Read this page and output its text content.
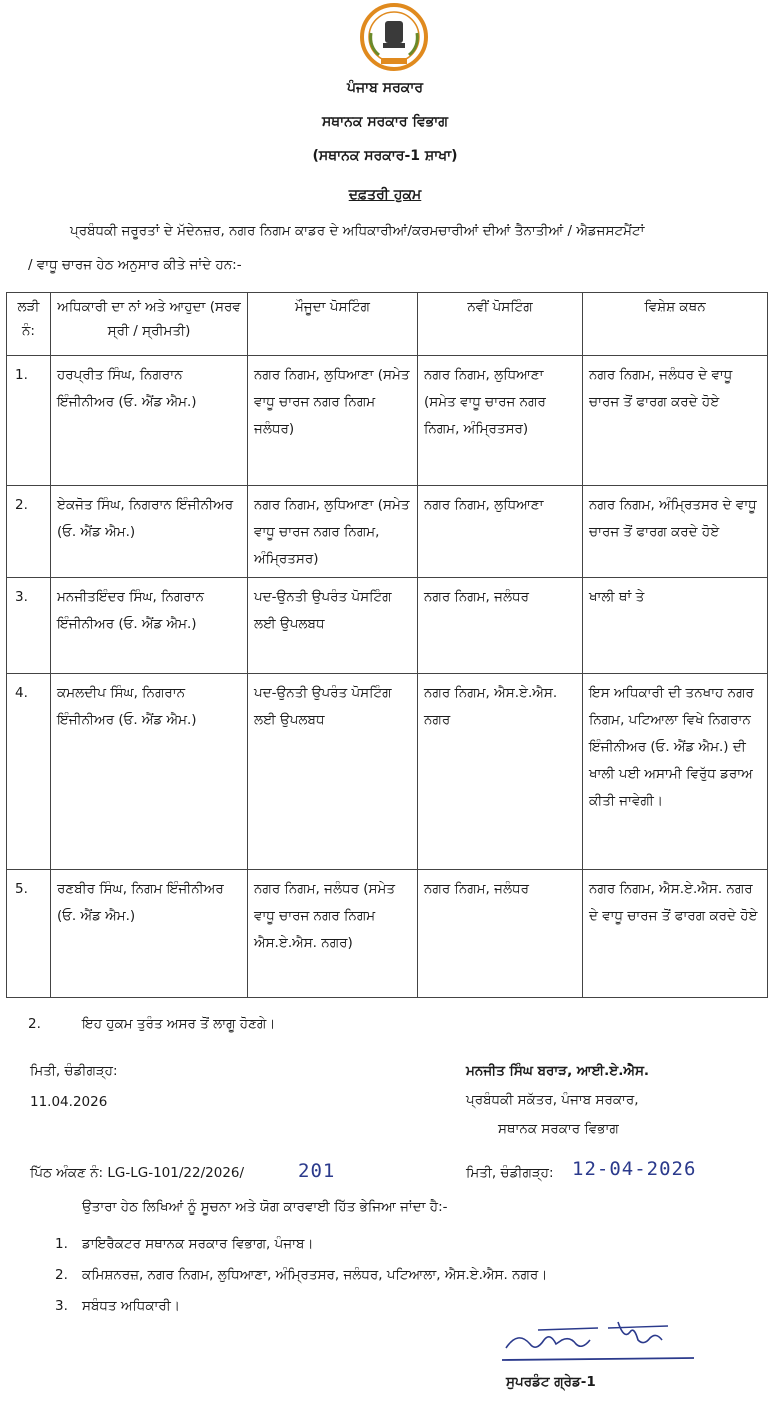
ਪੰਜਾਬ ਸਰਕਾਰ
ਸਥਾਨਕ ਸਰਕਾਰ ਵਿਭਾਗ
(ਸਥਾਨਕ ਸਰਕਾਰ-1 ਸ਼ਾਖਾ)
ਦਫ਼ਤਰੀ ਹੁਕਮ
ਪ੍ਰਬੰਧਕੀ ਜਰੂਰਤਾਂ ਦੇ ਮੱਦੇਨਜ਼ਰ, ਨਗਰ ਨਿਗਮ ਕਾਡਰ ਦੇ ਅਧਿਕਾਰੀਆਂ/ਕਰਮਚਾਰੀਆਂ ਦੀਆਂ ਤੈਨਾਤੀਆਂ / ਐਡਜਸਟਮੈਂਟਾਂ
/ ਵਾਧੂ ਚਾਰਜ ਹੇਠ ਅਨੁਸਾਰ ਕੀਤੇ ਜਾਂਦੇ ਹਨ:-
ਲੜੀ ਨੰ:	ਅਧਿਕਾਰੀ ਦਾ ਨਾਂ ਅਤੇ ਆਹੁਦਾ (ਸਰਵ ਸ੍ਰੀ / ਸ੍ਰੀਮਤੀ)	ਮੌਜੂਦਾ ਪੋਸਟਿੰਗ	ਨਵੀਂ ਪੋਸਟਿੰਗ	ਵਿਸ਼ੇਸ਼ ਕਥਨ
1.	ਹਰਪ੍ਰੀਤ ਸਿੰਘ, ਨਿਗਰਾਨ ਇੰਜੀਨੀਅਰ (ਓ. ਐਂਡ ਐਮ.)	ਨਗਰ ਨਿਗਮ, ਲੁਧਿਆਣਾ (ਸਮੇਤ ਵਾਧੂ ਚਾਰਜ ਨਗਰ ਨਿਗਮ ਜਲੰਧਰ)	ਨਗਰ ਨਿਗਮ, ਲੁਧਿਆਣਾ (ਸਮੇਤ ਵਾਧੂ ਚਾਰਜ ਨਗਰ ਨਿਗਮ, ਅੰਮ੍ਰਿਤਸਰ)	ਨਗਰ ਨਿਗਮ, ਜਲੰਧਰ ਦੇ ਵਾਧੂ ਚਾਰਜ ਤੋਂ ਫਾਰਗ ਕਰਦੇ ਹੋਏ
2.	ਏਕਜੋਤ ਸਿੰਘ, ਨਿਗਰਾਨ ਇੰਜੀਨੀਅਰ (ਓ. ਐਂਡ ਐਮ.)	ਨਗਰ ਨਿਗਮ, ਲੁਧਿਆਣਾ (ਸਮੇਤ ਵਾਧੂ ਚਾਰਜ ਨਗਰ ਨਿਗਮ, ਅੰਮ੍ਰਿਤਸਰ)	ਨਗਰ ਨਿਗਮ, ਲੁਧਿਆਣਾ	ਨਗਰ ਨਿਗਮ, ਅੰਮ੍ਰਿਤਸਰ ਦੇ ਵਾਧੂ ਚਾਰਜ ਤੋਂ ਫਾਰਗ ਕਰਦੇ ਹੋਏ
3.	ਮਨਜੀਤਇੰਦਰ ਸਿੰਘ, ਨਿਗਰਾਨ ਇੰਜੀਨੀਅਰ (ਓ. ਐਂਡ ਐਮ.)	ਪਦ-ਉਨਤੀ ਉਪਰੰਤ ਪੋਸਟਿੰਗ ਲਈ ਉਪਲਬਧ	ਨਗਰ ਨਿਗਮ, ਜਲੰਧਰ	ਖਾਲੀ ਥਾਂ ਤੇ
4.	ਕਮਲਦੀਪ ਸਿੰਘ, ਨਿਗਰਾਨ ਇੰਜੀਨੀਅਰ (ਓ. ਐਂਡ ਐਮ.)	ਪਦ-ਉਨਤੀ ਉਪਰੰਤ ਪੋਸਟਿੰਗ ਲਈ ਉਪਲਬਧ	ਨਗਰ ਨਿਗਮ, ਐਸ.ਏ.ਐਸ. ਨਗਰ	ਇਸ ਅਧਿਕਾਰੀ ਦੀ ਤਨਖਾਹ ਨਗਰ ਨਿਗਮ, ਪਟਿਆਲਾ ਵਿਖੇ ਨਿਗਰਾਨ ਇੰਜੀਨੀਅਰ (ਓ. ਐਂਡ ਐਮ.) ਦੀ ਖਾਲੀ ਪਈ ਅਸਾਮੀ ਵਿਰੁੱਧ ਡਰਾਅ ਕੀਤੀ ਜਾਵੇਗੀ।
5.	ਰਣਬੀਰ ਸਿੰਘ, ਨਿਗਮ ਇੰਜੀਨੀਅਰ (ਓ. ਐਂਡ ਐਮ.)	ਨਗਰ ਨਿਗਮ, ਜਲੰਧਰ (ਸਮੇਤ ਵਾਧੂ ਚਾਰਜ ਨਗਰ ਨਿਗਮ ਐਸ.ਏ.ਐਸ. ਨਗਰ)	ਨਗਰ ਨਿਗਮ, ਜਲੰਧਰ	ਨਗਰ ਨਿਗਮ, ਐਸ.ਏ.ਐਸ. ਨਗਰ ਦੇ ਵਾਧੂ ਚਾਰਜ ਤੋਂ ਫਾਰਗ ਕਰਦੇ ਹੋਏ
2.	ਇਹ ਹੁਕਮ ਤੁਰੰਤ ਅਸਰ ਤੋਂ ਲਾਗੂ ਹੋਣਗੇ।
ਮਿਤੀ, ਚੰਡੀਗੜ੍ਹ:
11.04.2026
ਮਨਜੀਤ ਸਿੰਘ ਬਰਾੜ, ਆਈ.ਏ.ਐਸ.
ਪ੍ਰਬੰਧਕੀ ਸਕੱਤਰ, ਪੰਜਾਬ ਸਰਕਾਰ,
ਸਥਾਨਕ ਸਰਕਾਰ ਵਿਭਾਗ
ਪਿੱਠ ਅੰਕਣ ਨੰ: LG-LG-101/22/2026/	201	ਮਿਤੀ, ਚੰਡੀਗੜ੍ਹ: 12-04-2026
ਉਤਾਰਾ ਹੇਠ ਲਿਖਿਆਂ ਨੂੰ ਸੂਚਨਾ ਅਤੇ ਯੋਗ ਕਾਰਵਾਈ ਹਿੱਤ ਭੇਜਿਆ ਜਾਂਦਾ ਹੈ:-
1. ਡਾਇਰੈਕਟਰ ਸਥਾਨਕ ਸਰਕਾਰ ਵਿਭਾਗ, ਪੰਜਾਬ।
2. ਕਮਿਸ਼ਨਰਜ਼, ਨਗਰ ਨਿਗਮ, ਲੁਧਿਆਣਾ, ਅੰਮ੍ਰਿਤਸਰ, ਜਲੰਧਰ, ਪਟਿਆਲਾ, ਐਸ.ਏ.ਐਸ. ਨਗਰ।
3. ਸਬੰਧਤ ਅਧਿਕਾਰੀ।
ਸੁਪਰਡੰਟ ਗ੍ਰੇਡ-1
